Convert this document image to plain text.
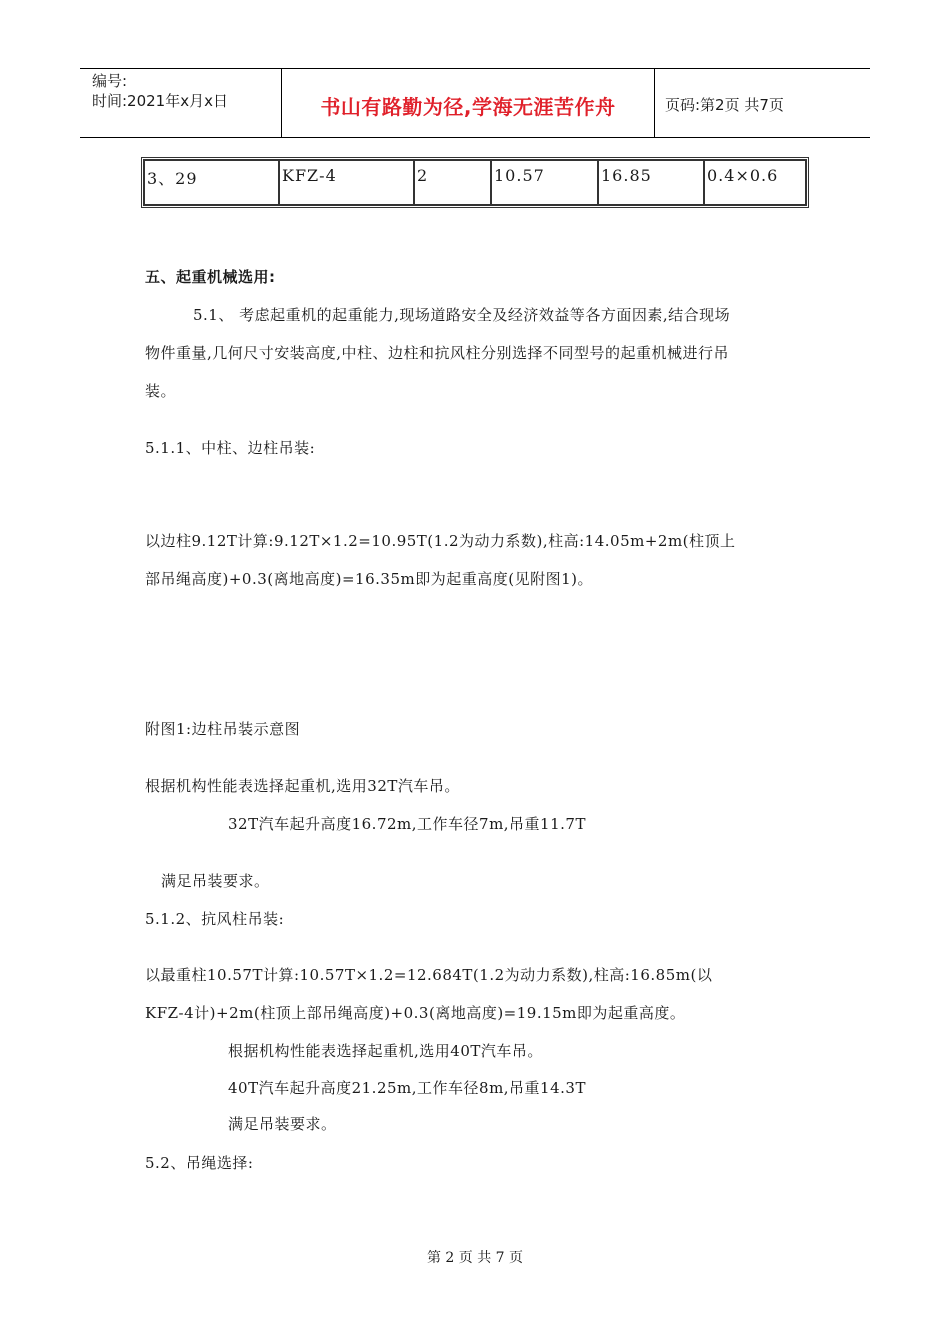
编号:
时间:2021年x月x日	书山有路勤为径,学海无涯苦作舟	页码:第2页 共7页
3、29	KFZ-4	2	10.57	16.85	0.4×0.6
五、起重机械选用:
5.1、 考虑起重机的起重能力,现场道路安全及经济效益等各方面因素,结合现场
物件重量,几何尺寸安装高度,中柱、边柱和抗风柱分别选择不同型号的起重机械进行吊
装。
5.1.1、中柱、边柱吊装:
以边柱9.12T计算:9.12T×1.2=10.95T(1.2为动力系数),柱高:14.05m+2m(柱顶上
部吊绳高度)+0.3(离地高度)=16.35m即为起重高度(见附图1)。
附图1:边柱吊装示意图
根据机构性能表选择起重机,选用32T汽车吊。
32T汽车起升高度16.72m,工作车径7m,吊重11.7T
满足吊装要求。
5.1.2、抗风柱吊装:
以最重柱10.57T计算:10.57T×1.2=12.684T(1.2为动力系数),柱高:16.85m(以
KFZ-4计)+2m(柱顶上部吊绳高度)+0.3(离地高度)=19.15m即为起重高度。
根据机构性能表选择起重机,选用40T汽车吊。
40T汽车起升高度21.25m,工作车径8m,吊重14.3T
满足吊装要求。
5.2、吊绳选择:
第 2 页 共 7 页
